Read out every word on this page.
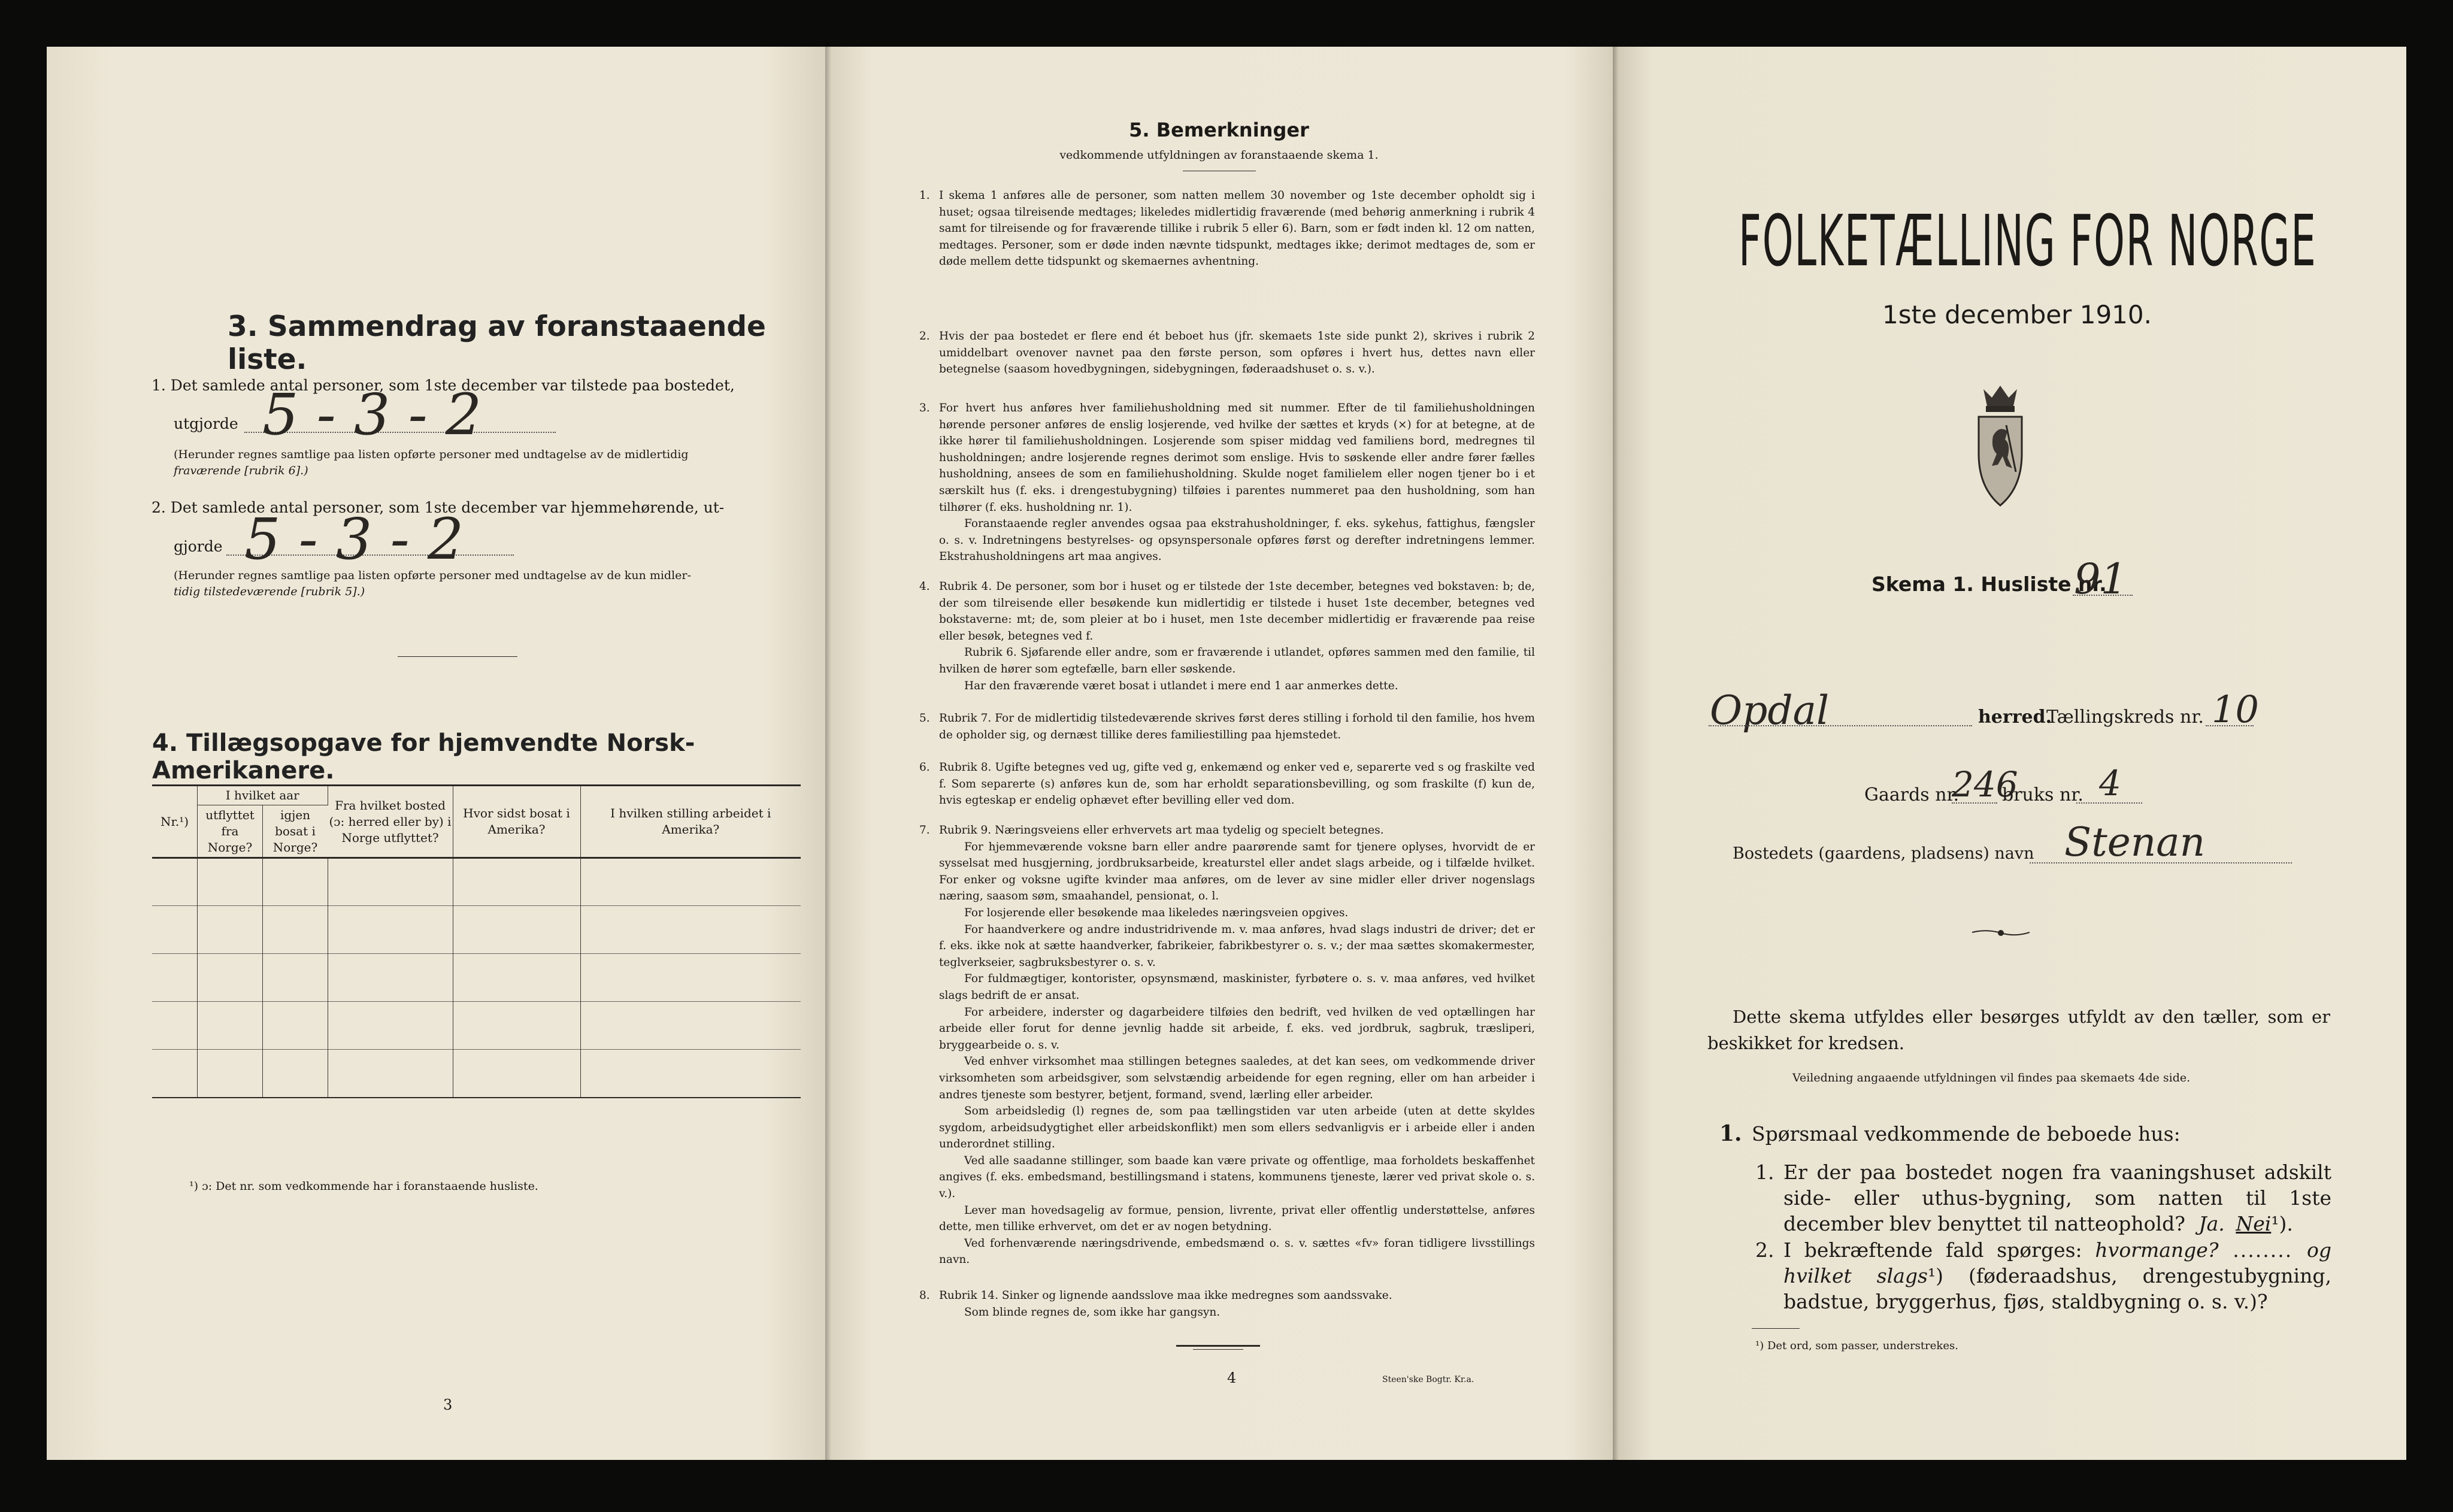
3. Sammendrag av foranstaaende liste.
1. Det samlede antal personer, som 1ste december var tilstede paa bostedet,
utgjorde 5 - 3 - 2
(Herunder regnes samtlige paa listen opførte personer med undtagelse av de midlertidig
fraværende [rubrik 6].)
2. Det samlede antal personer, som 1ste december var hjemmehørende, ut-
gjorde 5 - 3 - 2
(Herunder regnes samtlige paa listen opførte personer med undtagelse av de kun midler-
tidig tilstedeværende [rubrik 5].)
4. Tillægsopgave for hjemvendte Norsk-Amerikanere.
Nr.¹)	I hvilket aar		Fra hvilket bosted (ɔ: herred eller by) i Norge utflyttet?	Hvor sidst bosat i Amerika?	I hvilken stilling arbeidet i Amerika?
	utflyttet fra Norge?	igjen bosat i Norge?			

¹) ɔ: Det nr. som vedkommende har i foranstaaende husliste.
3
5. Bemerkninger
vedkommende utfyldningen av foranstaaende skema 1.
1. I skema 1 anføres alle de personer, som natten mellem 30 november og 1ste december opholdt sig i huset; ogsaa tilreisende medtages; likeledes midlertidig fraværende (med behørig anmerkning i rubrik 4 samt for tilreisende og for fraværende tillike i rubrik 5 eller 6). Barn, som er født inden kl. 12 om natten, medtages. Personer, som er døde inden nævnte tidspunkt, medtages ikke; derimot medtages de, som er døde mellem dette tidspunkt og skemaernes avhentning.

2. Hvis der paa bostedet er flere end ét beboet hus (jfr. skemaets 1ste side punkt 2), skrives i rubrik 2 umiddelbart ovenover navnet paa den første person, som opføres i hvert hus, dettes navn eller betegnelse (saasom hovedbygningen, sidebygningen, føderaadshuset o. s. v.).

3. For hvert hus anføres hver familiehusholdning med sit nummer. Efter de til familiehusholdningen hørende personer anføres de enslig losjerende, ved hvilke der sættes et kryds (×) for at betegne, at de ikke hører til familiehusholdningen. Losjerende som spiser middag ved familiens bord, medregnes til husholdningen; andre losjerende regnes derimot som enslige. Hvis to søskende eller andre fører fælles husholdning, ansees de som en familiehusholdning. Skulde noget familielem eller nogen tjener bo i et særskilt hus (f. eks. i drengestubygning) tilføies i parentes nummeret paa den husholdning, som han tilhører (f. eks. husholdning nr. 1).

Foranstaaende regler anvendes ogsaa paa ekstrahusholdninger, f. eks. sykehus, fattighus, fængsler o. s. v. Indretningens bestyrelses- og opsynspersonale opføres først og derefter indretningens lemmer. Ekstrahusholdningens art maa angives.

4. Rubrik 4. De personer, som bor i huset og er tilstede der 1ste december, betegnes ved bokstaven: b; de, der som tilreisende eller besøkende kun midlertidig er tilstede i huset 1ste december, betegnes ved bokstaverne: mt; de, som pleier at bo i huset, men 1ste december midlertidig er fraværende paa reise eller besøk, betegnes ved f.

Rubrik 6. Sjøfarende eller andre, som er fraværende i utlandet, opføres sammen med den familie, til hvilken de hører som egtefælle, barn eller søskende.

Har den fraværende været bosat i utlandet i mere end 1 aar anmerkes dette.

5. Rubrik 7. For de midlertidig tilstedeværende skrives først deres stilling i forhold til den familie, hos hvem de opholder sig, og dernæst tillike deres familiestilling paa hjemstedet.

6. Rubrik 8. Ugifte betegnes ved ug, gifte ved g, enkemænd og enker ved e, separerte ved s og fraskilte ved f. Som separerte (s) anføres kun de, som har erholdt separationsbevilling, og som fraskilte (f) kun de, hvis egteskap er endelig ophævet efter bevilling eller ved dom.

7. Rubrik 9. Næringsveiens eller erhvervets art maa tydelig og specielt betegnes.

For hjemmeværende voksne barn eller andre paarørende samt for tjenere oplyses, hvorvidt de er sysselsat med husgjerning, jordbruksarbeide, kreaturstel eller andet slags arbeide, og i tilfælde hvilket. For enker og voksne ugifte kvinder maa anføres, om de lever av sine midler eller driver nogenslags næring, saasom søm, smaahandel, pensionat, o. l.

For losjerende eller besøkende maa likeledes næringsveien opgives.

For haandverkere og andre industridrivende m. v. maa anføres, hvad slags industri de driver; det er f. eks. ikke nok at sætte haandverker, fabrikeier, fabrikbestyrer o. s. v.; der maa sættes skomakermester, teglverkseier, sagbruksbestyrer o. s. v.

For fuldmægtiger, kontorister, opsynsmænd, maskinister, fyrbøtere o. s. v. maa anføres, ved hvilket slags bedrift de er ansat.

For arbeidere, inderster og dagarbeidere tilføies den bedrift, ved hvilken de ved optællingen har arbeide eller forut for denne jevnlig hadde sit arbeide, f. eks. ved jordbruk, sagbruk, træsliperi, bryggearbeide o. s. v.

Ved enhver virksomhet maa stillingen betegnes saaledes, at det kan sees, om vedkommende driver virksomheten som arbeidsgiver, som selvstændig arbeidende for egen regning, eller om han arbeider i andres tjeneste som bestyrer, betjent, formand, svend, lærling eller arbeider.

Som arbeidsledig (l) regnes de, som paa tællingstiden var uten arbeide (uten at dette skyldes sygdom, arbeidsudygtighet eller arbeidskonflikt) men som ellers sedvanligvis er i arbeide eller i anden underordnet stilling.

Ved alle saadanne stillinger, som baade kan være private og offentlige, maa forholdets beskaffenhet angives (f. eks. embedsmand, bestillingsmand i statens, kommunens tjeneste, lærer ved privat skole o. s. v.).

Lever man hovedsagelig av formue, pension, livrente, privat eller offentlig understøttelse, anføres dette, men tillike erhvervet, om det er av nogen betydning.

Ved forhenværende næringsdrivende, embedsmænd o. s. v. sættes «fv» foran tidligere livsstillings navn.

8. Rubrik 14. Sinker og lignende aandsslove maa ikke medregnes som aandssvake.

Som blinde regnes de, som ikke har gangsyn.

4	Steen'ske Bogtr. Kr.a.
FOLKETÆLLING FOR NORGE
1ste december 1910.
Skema 1. Husliste nr.
91
Opdal	herred.
Tællingskreds nr. 10
Gaards nr.
246
bruks nr. 4
Bostedets (gaardens, pladsens) navn Stenan
Dette skema utfyldes eller besørges utfyldt av den tæller, som er beskikket for kredsen.
Veiledning angaaende utfyldningen vil findes paa skemaets 4de side.
1. Spørsmaal vedkommende de beboede hus:
1. Er der paa bostedet nogen fra vaaningshuset adskilt side- eller uthus-bygning, som natten til 1ste december blev benyttet til natteophold? Ja. Nei¹).
2. I bekræftende fald spørges: hvormange? ........ og hvilket slags¹) (føderaadshus, drengestubygning, badstue, bryggerhus, fjøs, staldbygning o. s. v.)?
¹) Det ord, som passer, understrekes.
